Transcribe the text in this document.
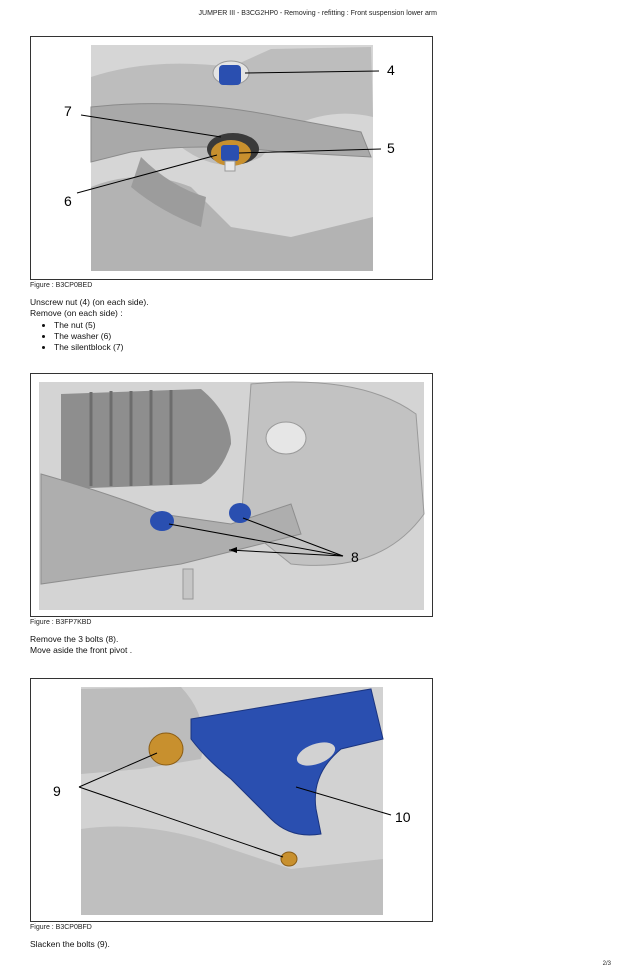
JUMPER III - B3CG2HP0 - Removing - refitting : Front suspension lower arm
4
5
7
6
Figure : B3CP0BED
Unscrew nut (4) (on each side).
Remove (on each side) :
• The nut (5)
• The washer (6)
• The silentblock (7)
8
Figure : B3FP7KBD
Remove the 3 bolts (8).
Move aside the front pivot .
9
10
Figure : B3CP0BFD
Slacken the bolts (9).
2/3
